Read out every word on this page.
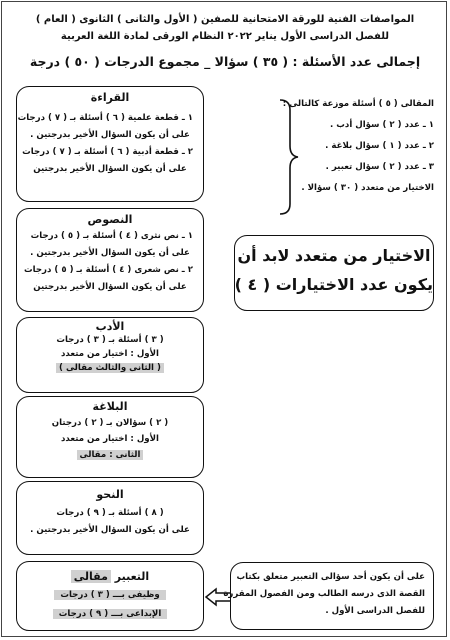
المواصفات الفنية للورقة الامتحانية للصفين ( الأول والثانى ) الثانوى ( العام )
للفصل الدراسى الأول يناير ٢٠٢٢ النظام الورقى لمادة اللغة العربية
إجمالى عدد الأسئلة : ( ٣٥ ) سؤالا _ مجموع الدرجات ( ٥٠ ) درجة
القراءة
١ ـ قطعة علمية ( ٦ ) أسئلة بـ ( ٧ ) درجات
على أن يكون السؤال الأخير بدرجتين .
٢ ـ قطعة أدبية ( ٦ ) أسئلة بـ ( ٧ ) درجات
على أن يكون السؤال الأخير بدرجتين
المقالى ( ٥ ) أسئلة موزعة كالتالى :
١ ـ عدد ( ٢ ) سؤال أدب .
٢ ـ عدد ( ١ ) سؤال بلاغة .
٣ ـ عدد ( ٢ ) سؤال تعبير .
الاختيار من متعدد ( ٣٠ ) سؤالا .
النصوص
١ ـ نص نثرى ( ٤ ) أسئلة بـ ( ٥ ) درجات
على أن يكون السؤال الأخير بدرجتين .
٢ ـ نص شعرى ( ٤ ) أسئلة بـ ( ٥ ) درجات
على أن يكون السؤال الأخير بدرجتين
الاختيار من متعدد لابد أن
يكون عدد الاختيارات ( ٤ )
الأدب
( ٣ ) أسئلة بـ ( ٣ ) درجات
الأول : اختيار من متعدد
( الثانى والثالث مقالى )
البلاغة
( ٢ ) سؤالان بـ ( ٢ ) درجتان
الأول : اختيار من متعدد
الثانى : مقالى
النحو
( ٨ ) أسئلة بـ ( ٩ ) درجات
على أن يكون السؤال الأخير بدرجتين .
التعبير مقالى
وظيفى بـــ ( ٣ ) درجات
الإبداعى بـــ ( ٩ ) درجات
على أن يكون أحد سؤالى التعبير متعلق بكتاب
القصة الذى درسه الطالب ومن الفصول المقررة
للفصل الدراسى الأول .
